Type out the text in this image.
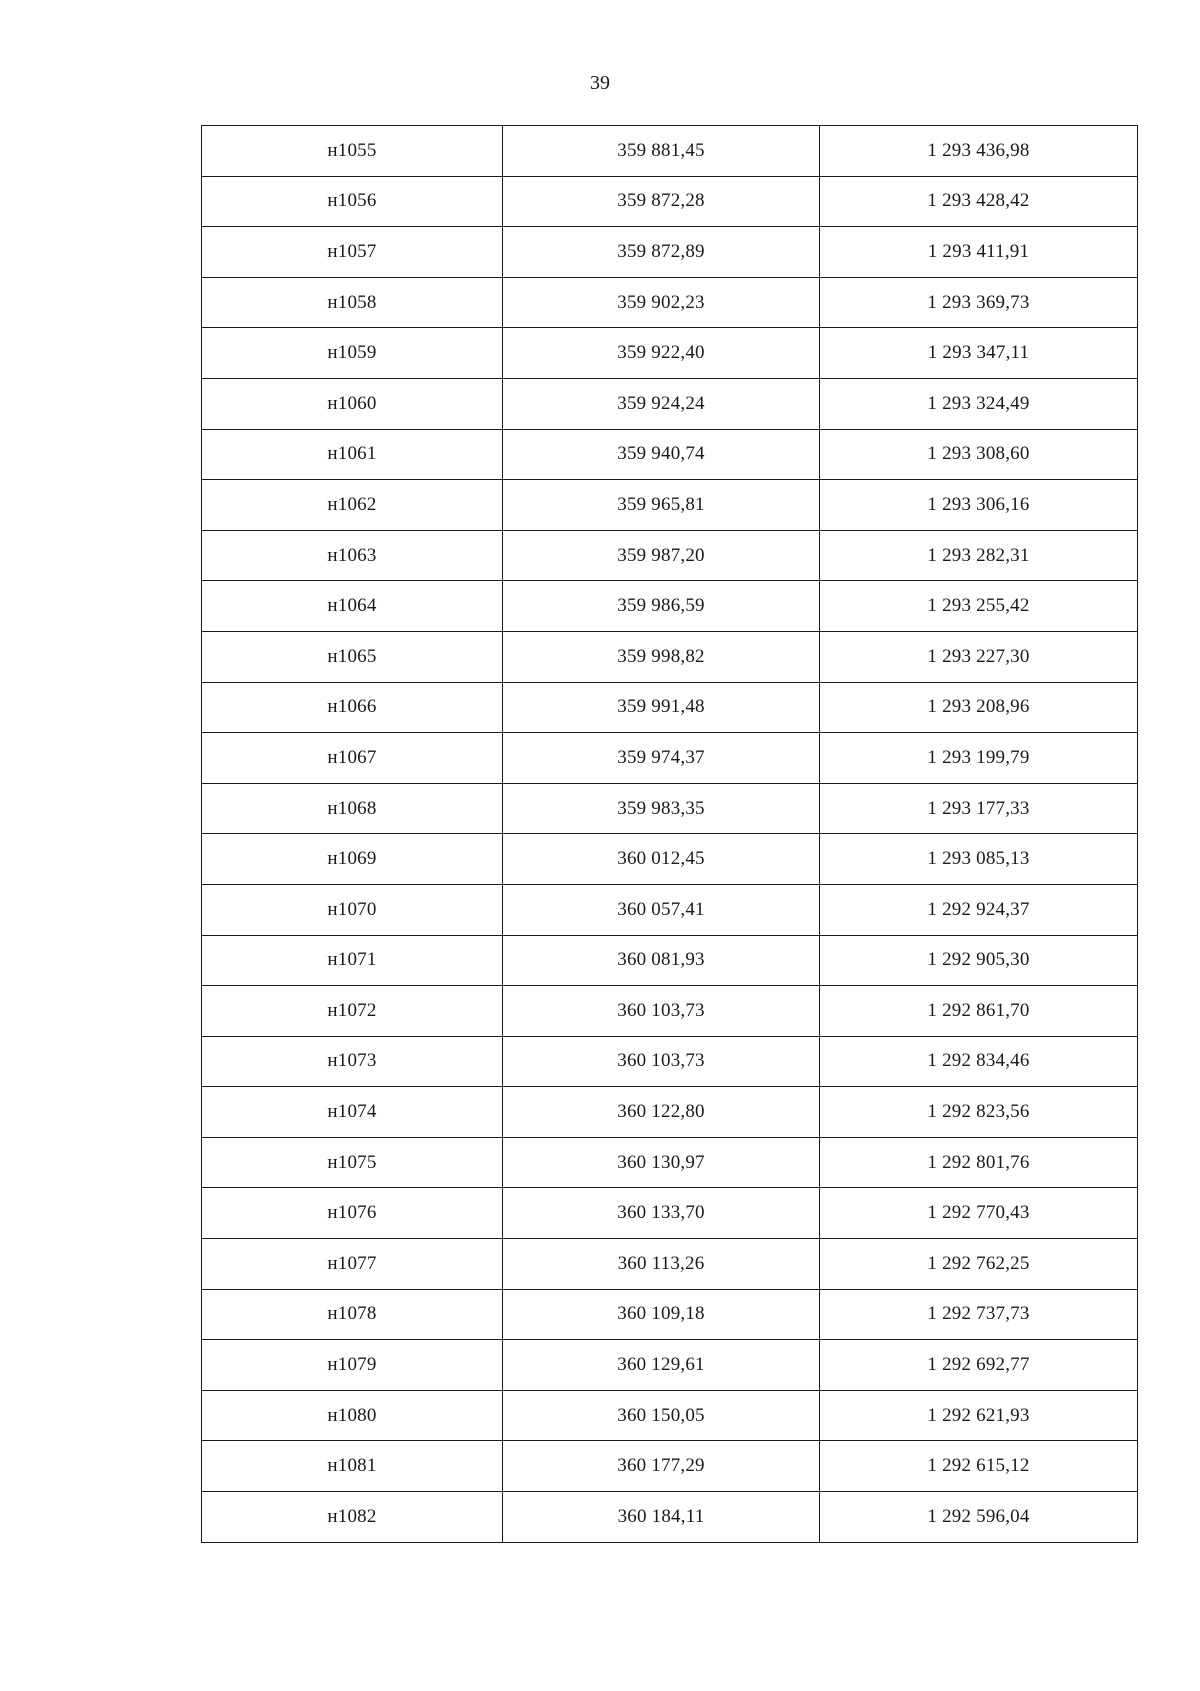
39
н1055	359 881,45	1 293 436,98
н1056	359 872,28	1 293 428,42
н1057	359 872,89	1 293 411,91
н1058	359 902,23	1 293 369,73
н1059	359 922,40	1 293 347,11
н1060	359 924,24	1 293 324,49
н1061	359 940,74	1 293 308,60
н1062	359 965,81	1 293 306,16
н1063	359 987,20	1 293 282,31
н1064	359 986,59	1 293 255,42
н1065	359 998,82	1 293 227,30
н1066	359 991,48	1 293 208,96
н1067	359 974,37	1 293 199,79
н1068	359 983,35	1 293 177,33
н1069	360 012,45	1 293 085,13
н1070	360 057,41	1 292 924,37
н1071	360 081,93	1 292 905,30
н1072	360 103,73	1 292 861,70
н1073	360 103,73	1 292 834,46
н1074	360 122,80	1 292 823,56
н1075	360 130,97	1 292 801,76
н1076	360 133,70	1 292 770,43
н1077	360 113,26	1 292 762,25
н1078	360 109,18	1 292 737,73
н1079	360 129,61	1 292 692,77
н1080	360 150,05	1 292 621,93
н1081	360 177,29	1 292 615,12
н1082	360 184,11	1 292 596,04
